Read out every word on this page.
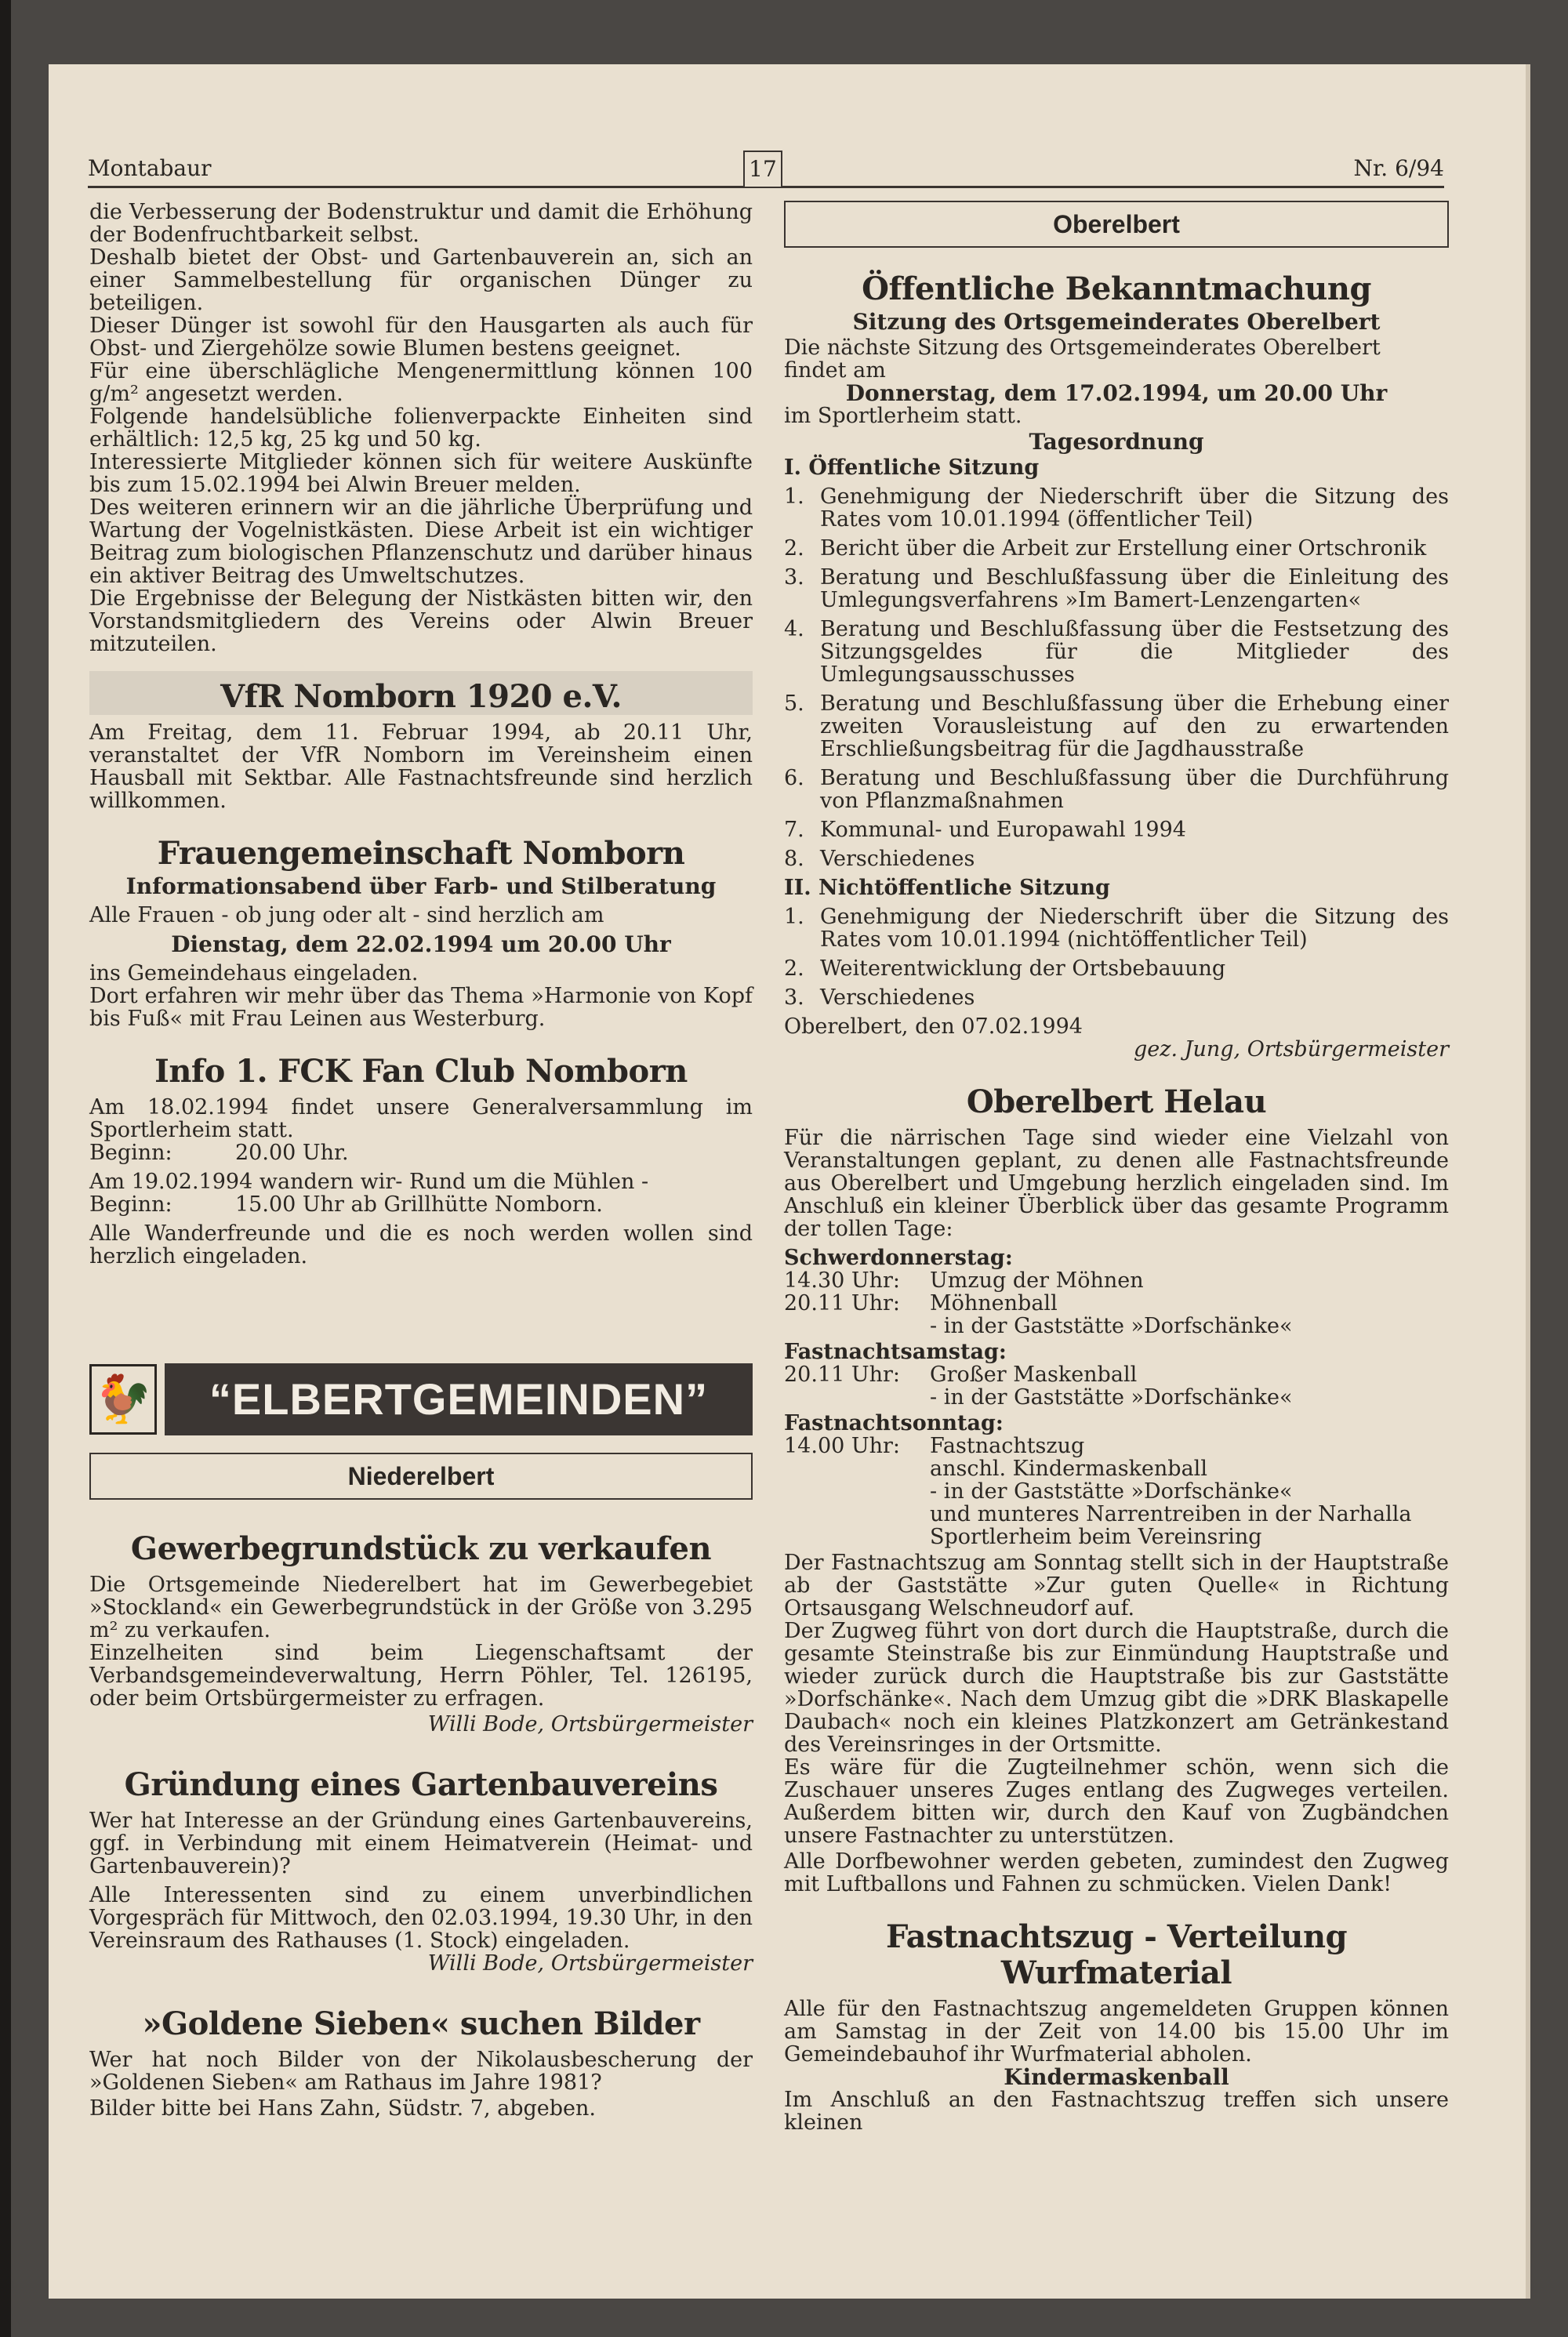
Montabaur	17	Nr. 6/94

die Verbesserung der Bodenstruktur und damit die Erhöhung der Bodenfruchtbarkeit selbst.

Deshalb bietet der Obst- und Gartenbauverein an, sich an einer Sammelbestellung für organischen Dünger zu beteiligen.

Dieser Dünger ist sowohl für den Hausgarten als auch für Obst- und Ziergehölze sowie Blumen bestens geeignet.

Für eine überschlägliche Mengenermittlung können 100 g/m² angesetzt werden.

Folgende handelsübliche folienverpackte Einheiten sind erhältlich: 12,5 kg, 25 kg und 50 kg.

Interessierte Mitglieder können sich für weitere Auskünfte bis zum 15.02.1994 bei Alwin Breuer melden.

Des weiteren erinnern wir an die jährliche Überprüfung und Wartung der Vogelnistkästen. Diese Arbeit ist ein wichtiger Beitrag zum biologischen Pflanzenschutz und darüber hinaus ein aktiver Beitrag des Umweltschutzes.

Die Ergebnisse der Belegung der Nistkästen bitten wir, den Vorstandsmitgliedern des Vereins oder Alwin Breuer mitzuteilen.

VfR Nomborn 1920 e.V.

Am Freitag, dem 11. Februar 1994, ab 20.11 Uhr, veranstaltet der VfR Nomborn im Vereinsheim einen Hausball mit Sektbar. Alle Fastnachtsfreunde sind herzlich willkommen.

Frauengemeinschaft Nomborn

Informationsabend über Farb- und Stilberatung

Alle Frauen - ob jung oder alt - sind herzlich am

Dienstag, dem 22.02.1994 um 20.00 Uhr

ins Gemeindehaus eingeladen.

Dort erfahren wir mehr über das Thema »Harmonie von Kopf bis Fuß« mit Frau Leinen aus Westerburg.

Info 1. FCK Fan Club Nomborn

Am 18.02.1994 findet unsere Generalversammlung im Sportlerheim statt.

Beginn:	20.00 Uhr.

Am 19.02.1994 wandern wir- Rund um die Mühlen -

Beginn:	15.00 Uhr ab Grillhütte Nomborn.

Alle Wanderfreunde und die es noch werden wollen sind herzlich eingeladen.

🐓	“ELBERTGEMEINDEN”
Niederelbert
Gewerbegrundstück zu verkaufen

Die Ortsgemeinde Niederelbert hat im Gewerbegebiet »Stockland« ein Gewerbegrundstück in der Größe von 3.295 m² zu verkaufen.

Einzelheiten sind beim Liegenschaftsamt der Verbandsgemeindeverwaltung, Herrn Pöhler, Tel. 126195, oder beim Ortsbürgermeister zu erfragen.

Willi Bode, Ortsbürgermeister

Gründung eines Gartenbauvereins

Wer hat Interesse an der Gründung eines Gartenbauvereins, ggf. in Verbindung mit einem Heimatverein (Heimat- und Gartenbauverein)?

Alle Interessenten sind zu einem unverbindlichen Vorgespräch für Mittwoch, den 02.03.1994, 19.30 Uhr, in den Vereinsraum des Rathauses (1. Stock) eingeladen.

Willi Bode, Ortsbürgermeister

»Goldene Sieben« suchen Bilder

Wer hat noch Bilder von der Nikolausbescherung der »Goldenen Sieben« am Rathaus im Jahre 1981?

Bilder bitte bei Hans Zahn, Südstr. 7, abgeben.

Oberelbert
Öffentliche Bekanntmachung

Sitzung des Ortsgemeinderates Oberelbert

Die nächste Sitzung des Ortsgemeinderates Oberelbert findet am

Donnerstag, dem 17.02.1994, um 20.00 Uhr

im Sportlerheim statt.

Tagesordnung

I. Öffentliche Sitzung

1. Genehmigung der Niederschrift über die Sitzung des Rates vom 10.01.1994 (öffentlicher Teil)
2. Bericht über die Arbeit zur Erstellung einer Ortschronik
3. Beratung und Beschlußfassung über die Einleitung des Umlegungsverfahrens »Im Bamert-Lenzengarten«
4. Beratung und Beschlußfassung über die Festsetzung des Sitzungsgeldes für die Mitglieder des Umlegungsausschusses
5. Beratung und Beschlußfassung über die Erhebung einer zweiten Vorausleistung auf den zu erwartenden Erschließungsbeitrag für die Jagdhausstraße
6. Beratung und Beschlußfassung über die Durchführung von Pflanzmaßnahmen
7. Kommunal- und Europawahl 1994
8. Verschiedenes

II. Nichtöffentliche Sitzung

1. Genehmigung der Niederschrift über die Sitzung des Rates vom 10.01.1994 (nichtöffentlicher Teil)
2. Weiterentwicklung der Ortsbebauung
3. Verschiedenes

Oberelbert, den 07.02.1994

gez. Jung, Ortsbürgermeister

Oberelbert Helau

Für die närrischen Tage sind wieder eine Vielzahl von Veranstaltungen geplant, zu denen alle Fastnachtsfreunde aus Oberelbert und Umgebung herzlich eingeladen sind. Im Anschluß ein kleiner Überblick über das gesamte Programm der tollen Tage:

Schwerdonnerstag:

14.30 Uhr:	Umzug der Möhnen
20.11 Uhr:	Möhnenball

- in der Gaststätte »Dorfschänke«

Fastnachtsamstag:

20.11 Uhr:	Großer Maskenball

- in der Gaststätte »Dorfschänke«

Fastnachtsonntag:

14.00 Uhr:	Fastnachtszug

anschl. Kindermaskenball

- in der Gaststätte »Dorfschänke«

und munteres Narrentreiben in der Narhalla

Sportlerheim beim Vereinsring

Der Fastnachtszug am Sonntag stellt sich in der Hauptstraße ab der Gaststätte »Zur guten Quelle« in Richtung Ortsausgang Welschneudorf auf.

Der Zugweg führt von dort durch die Hauptstraße, durch die gesamte Steinstraße bis zur Einmündung Hauptstraße und wieder zurück durch die Hauptstraße bis zur Gaststätte »Dorfschänke«. Nach dem Umzug gibt die »DRK Blaskapelle Daubach« noch ein kleines Platzkonzert am Getränkestand des Vereinsringes in der Ortsmitte.

Es wäre für die Zugteilnehmer schön, wenn sich die Zuschauer unseres Zuges entlang des Zugweges verteilen. Außerdem bitten wir, durch den Kauf von Zugbändchen unsere Fastnachter zu unterstützen.

Alle Dorfbewohner werden gebeten, zumindest den Zugweg mit Luftballons und Fahnen zu schmücken. Vielen Dank!

Fastnachtszug - Verteilung Wurfmaterial

Alle für den Fastnachtszug angemeldeten Gruppen können am Samstag in der Zeit von 14.00 bis 15.00 Uhr im Gemeindebauhof ihr Wurfmaterial abholen.

Kindermaskenball

Im Anschluß an den Fastnachtszug treffen sich unsere kleinen
